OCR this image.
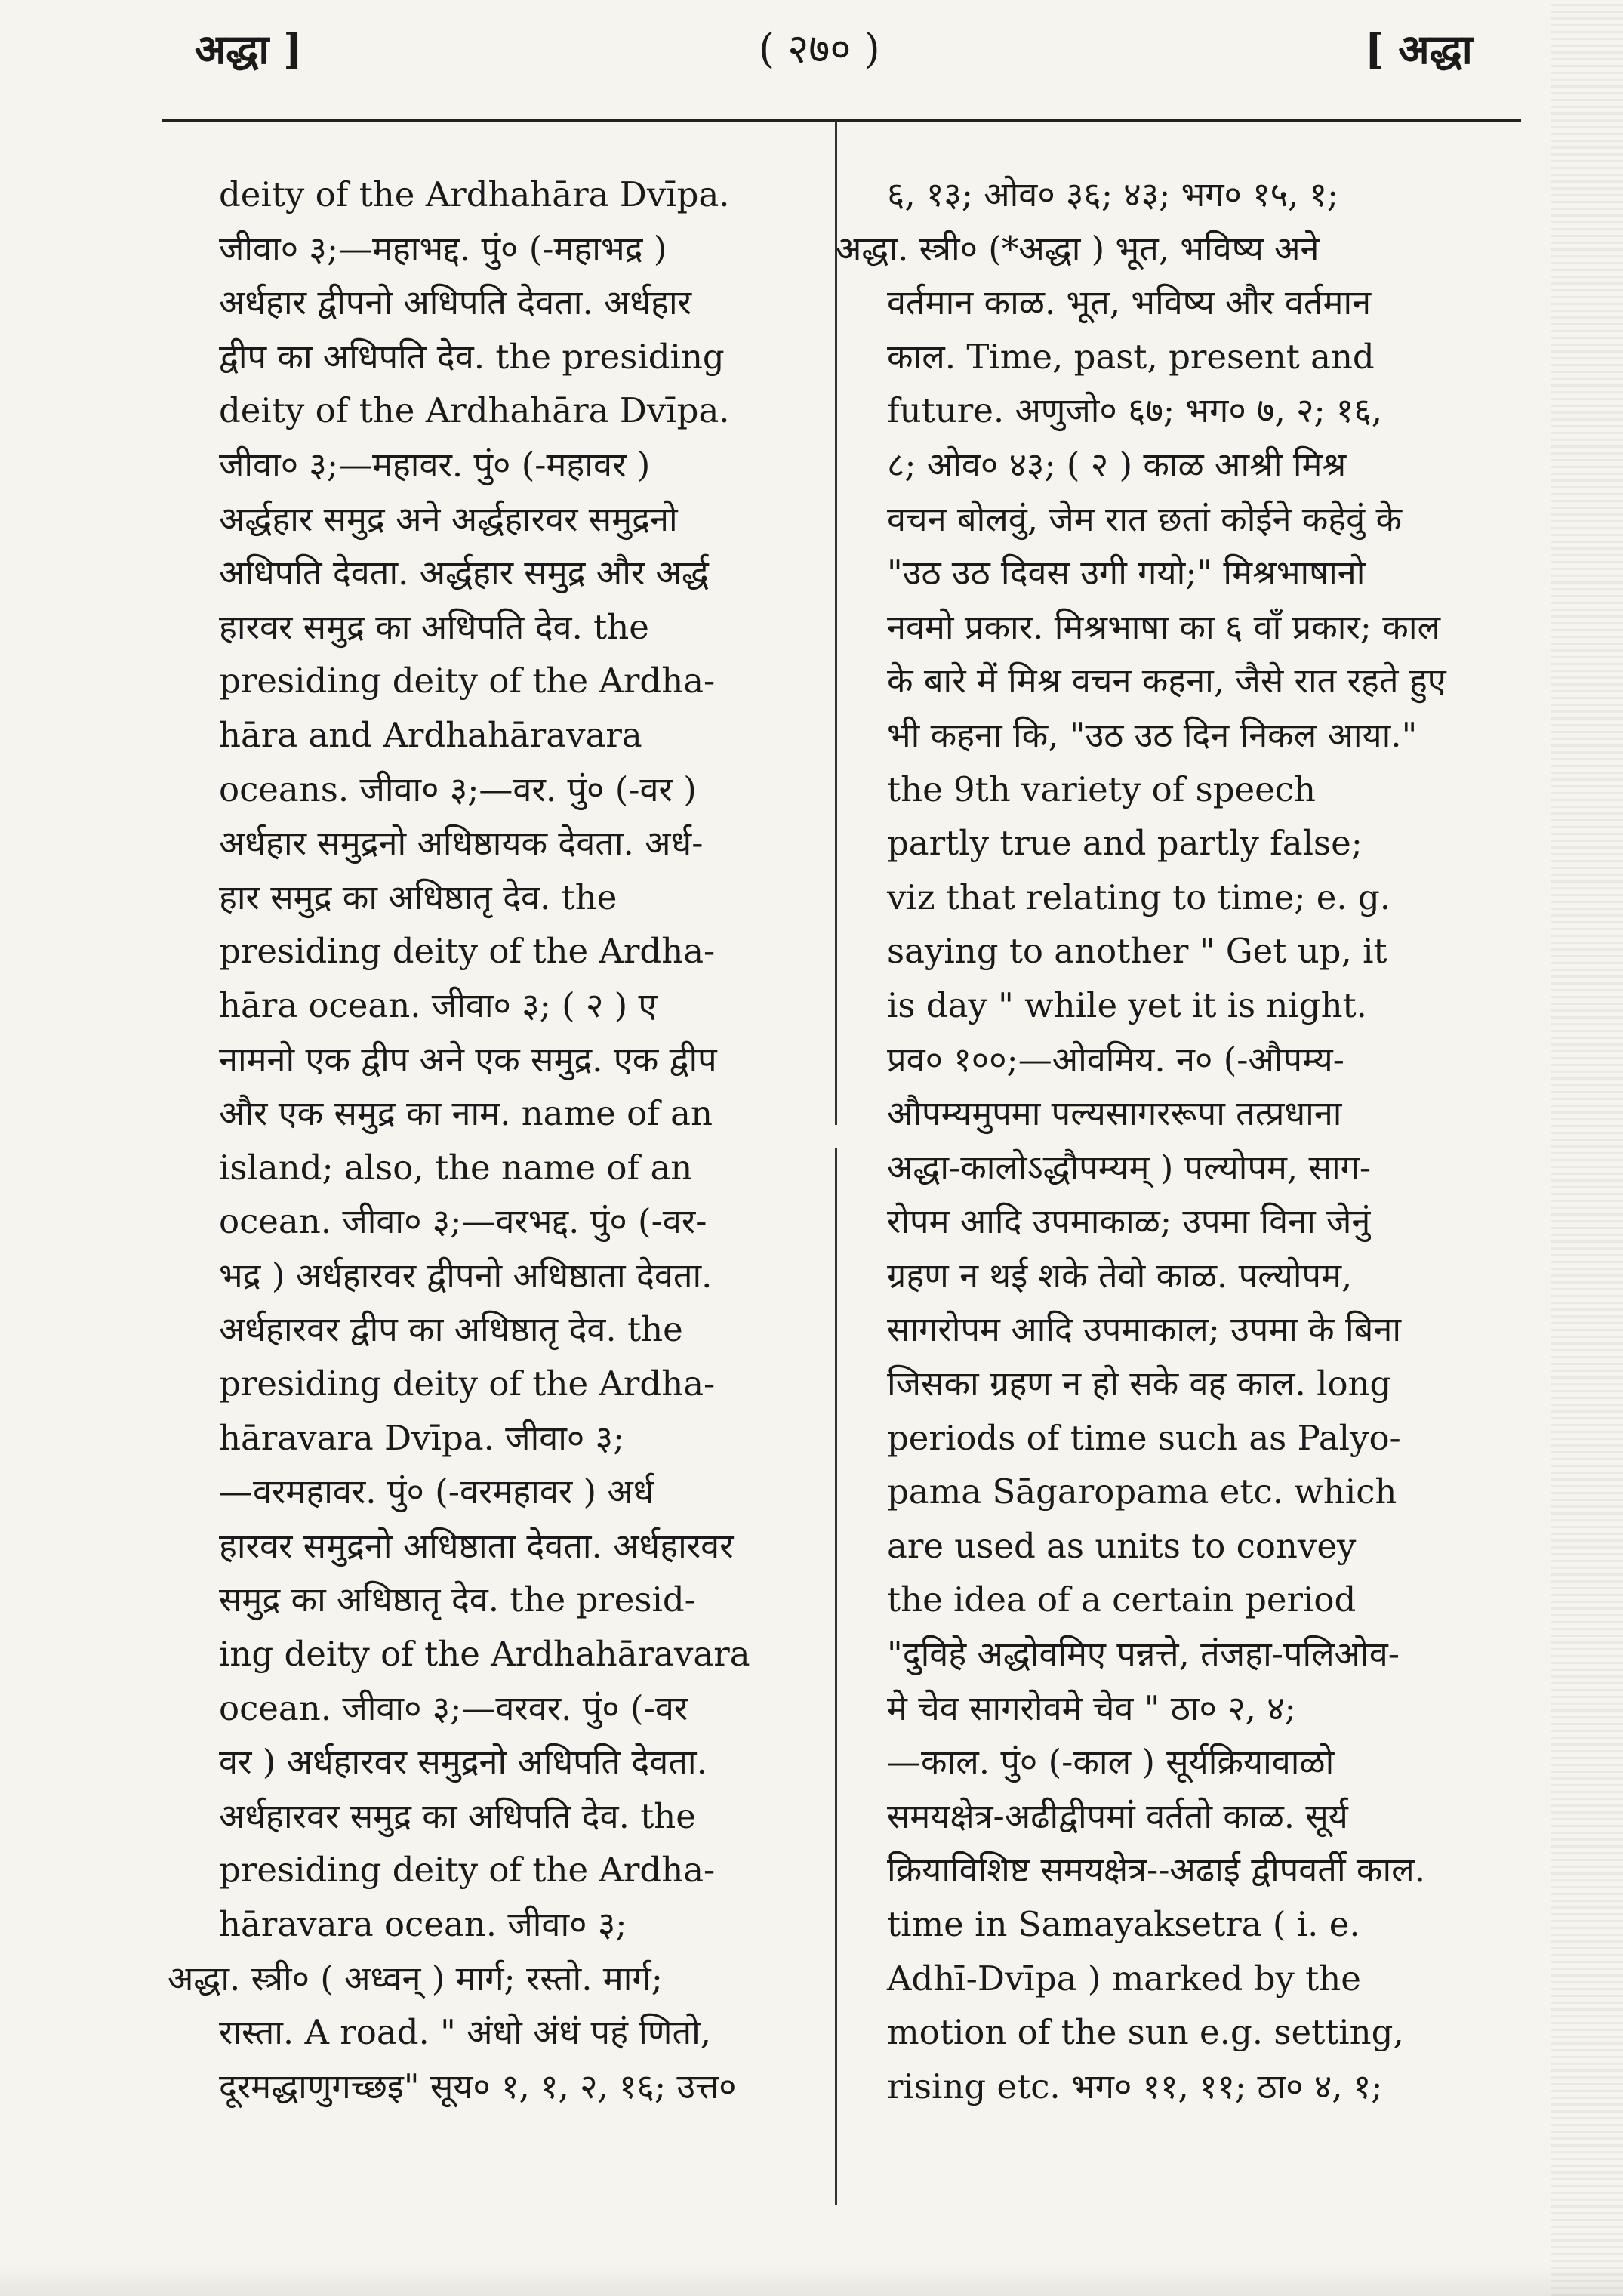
अद्धा ]	( २७० )	[ अद्धा
deity of the Ardhahāra Dvīpa.
जीवा० ३;—महाभद्द. पुं० (-महाभद्र )
अर्धहार द्वीपनो अधिपति देवता. अर्धहार
द्वीप का अधिपति देव. the presiding
deity of the Ardhahāra Dvīpa.
जीवा० ३;—महावर. पुं० (-महावर )
अर्द्धहार समुद्र अने अर्द्धहारवर समुद्रनो
अधिपति देवता. अर्द्धहार समुद्र और अर्द्ध
हारवर समुद्र का अधिपति देव. the
presiding deity of the Ardha-
hāra and Ardhahāravara
oceans. जीवा० ३;—वर. पुं० (-वर )
अर्धहार समुद्रनो अधिष्ठायक देवता. अर्ध-
हार समुद्र का अधिष्ठातृ देव. the
presiding deity of the Ardha-
hāra ocean. जीवा० ३; ( २ ) ए
नामनो एक द्वीप अने एक समुद्र. एक द्वीप
और एक समुद्र का नाम. name of an
island; also, the name of an
ocean. जीवा० ३;—वरभद्द. पुं० (-वर-
भद्र ) अर्धहारवर द्वीपनो अधिष्ठाता देवता.
अर्धहारवर द्वीप का अधिष्ठातृ देव. the
presiding deity of the Ardha-
hāravara Dvīpa. जीवा० ३;
—वरमहावर. पुं० (-वरमहावर ) अर्ध
हारवर समुद्रनो अधिष्ठाता देवता. अर्धहारवर
समुद्र का अधिष्ठातृ देव. the presid-
ing deity of the Ardhahāravara
ocean. जीवा० ३;—वरवर. पुं० (-वर
वर ) अर्धहारवर समुद्रनो अधिपति देवता.
अर्धहारवर समुद्र का अधिपति देव. the
presiding deity of the Ardha-
hāravara ocean. जीवा० ३;
अद्धा. स्त्री० ( अध्वन् ) मार्ग; रस्तो. मार्ग;
रास्ता. A road. " अंधो अंधं पहं णितो,
दूरमद्धाणुगच्छइ" सूय० १, १, २, १६; उत्त०
६, १३; ओव० ३६; ४३; भग० १५, १;
अद्धा. स्त्री० (*अद्धा ) भूत, भविष्य अने
वर्तमान काळ. भूत, भविष्य और वर्तमान
काल. Time, past, present and
future. अणुजो० ६७; भग० ७, २; १६,
८; ओव० ४३; ( २ ) काळ आश्री मिश्र
वचन बोलवुं, जेम रात छतां कोईने कहेवुं के
"उठ उठ दिवस उगी गयो;" मिश्रभाषानो
नवमो प्रकार. मिश्रभाषा का ६ वाँ प्रकार; काल
के बारे में मिश्र वचन कहना, जैसे रात रहते हुए
भी कहना कि, "उठ उठ दिन निकल आया."
the 9th variety of speech
partly true and partly false;
viz that relating to time; e. g.
saying to another " Get up, it
is day " while yet it is night.
प्रव० १००;—ओवमिय. न० (-औपम्य-
औपम्यमुपमा पल्यसागररूपा तत्प्रधाना
अद्धा-कालोऽद्धौपम्यम् ) पल्योपम, साग-
रोपम आदि उपमाकाळ; उपमा विना जेनुं
ग्रहण न थई शके तेवो काळ. पल्योपम,
सागरोपम आदि उपमाकाल; उपमा के बिना
जिसका ग्रहण न हो सके वह काल. long
periods of time such as Palyo-
pama Sāgaropama etc. which
are used as units to convey
the idea of a certain period
"दुविहे अद्धोवमिए पन्नत्ते, तंजहा-पलिओव-
मे चेव सागरोवमे चेव " ठा० २, ४;
—काल. पुं० (-काल ) सूर्यक्रियावाळो
समयक्षेत्र-अढीद्वीपमां वर्ततो काळ. सूर्य
क्रियाविशिष्ट समयक्षेत्र--अढाई द्वीपवर्ती काल.
time in Samayaksetra ( i. e.
Adhī-Dvīpa ) marked by the
motion of the sun e.g. setting,
rising etc. भग० ११, ११; ठा० ४, १;
